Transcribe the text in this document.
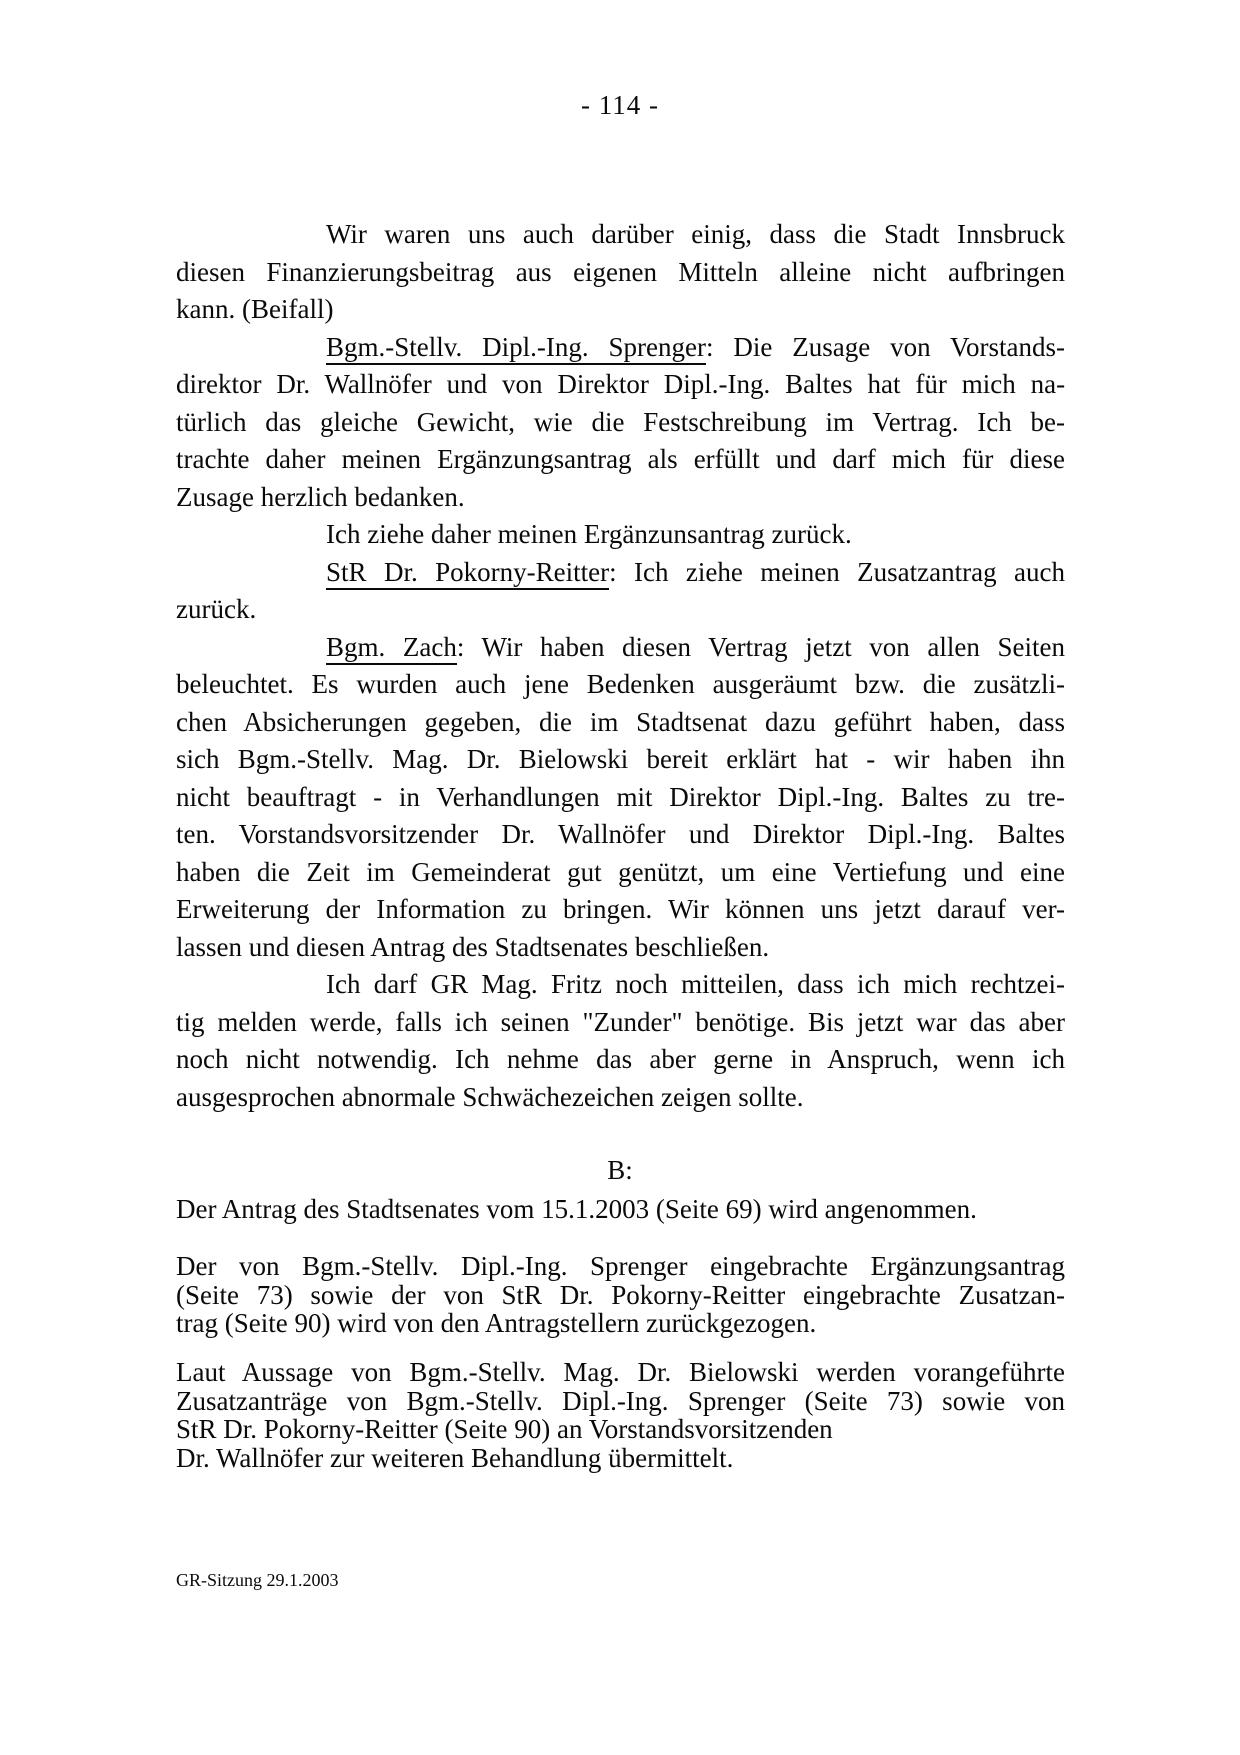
- 114 -
Wir waren uns auch darüber einig, dass die Stadt Innsbruck
diesen Finanzierungsbeitrag aus eigenen Mitteln alleine nicht aufbringen
kann. (Beifall)
Bgm.-Stellv. Dipl.-Ing. Sprenger: Die Zusage von Vorstands-
direktor Dr. Wallnöfer und von Direktor Dipl.-Ing. Baltes hat für mich na-
türlich das gleiche Gewicht, wie die Festschreibung im Vertrag. Ich be-
trachte daher meinen Ergänzungsantrag als erfüllt und darf mich für diese
Zusage herzlich bedanken.
Ich ziehe daher meinen Ergänzunsantrag zurück.
StR Dr. Pokorny-Reitter: Ich ziehe meinen Zusatzantrag auch
zurück.
Bgm. Zach: Wir haben diesen Vertrag jetzt von allen Seiten
beleuchtet. Es wurden auch jene Bedenken ausgeräumt bzw. die zusätzli-
chen Absicherungen gegeben, die im Stadtsenat dazu geführt haben, dass
sich Bgm.-Stellv. Mag. Dr. Bielowski bereit erklärt hat - wir haben ihn
nicht beauftragt - in Verhandlungen mit Direktor Dipl.-Ing. Baltes zu tre-
ten. Vorstandsvorsitzender Dr. Wallnöfer und Direktor Dipl.-Ing. Baltes
haben die Zeit im Gemeinderat gut genützt, um eine Vertiefung und eine
Erweiterung der Information zu bringen. Wir können uns jetzt darauf ver-
lassen und diesen Antrag des Stadtsenates beschließen.
Ich darf GR Mag. Fritz noch mitteilen, dass ich mich rechtzei-
tig melden werde, falls ich seinen "Zunder" benötige. Bis jetzt war das aber
noch nicht notwendig. Ich nehme das aber gerne in Anspruch, wenn ich
ausgesprochen abnormale Schwächezeichen zeigen sollte.
B:
Der Antrag des Stadtsenates vom 15.1.2003 (Seite 69) wird angenommen.
Der von Bgm.-Stellv. Dipl.-Ing. Sprenger eingebrachte Ergänzungsantrag
(Seite 73) sowie der von StR Dr. Pokorny-Reitter eingebrachte Zusatzan-
trag (Seite 90) wird von den Antragstellern zurückgezogen.
Laut Aussage von Bgm.-Stellv. Mag. Dr. Bielowski werden vorangeführte
Zusatzanträge von Bgm.-Stellv. Dipl.-Ing. Sprenger (Seite 73) sowie von
StR Dr. Pokorny-Reitter (Seite 90) an Vorstandsvorsitzenden
Dr. Wallnöfer zur weiteren Behandlung übermittelt.
GR-Sitzung 29.1.2003
